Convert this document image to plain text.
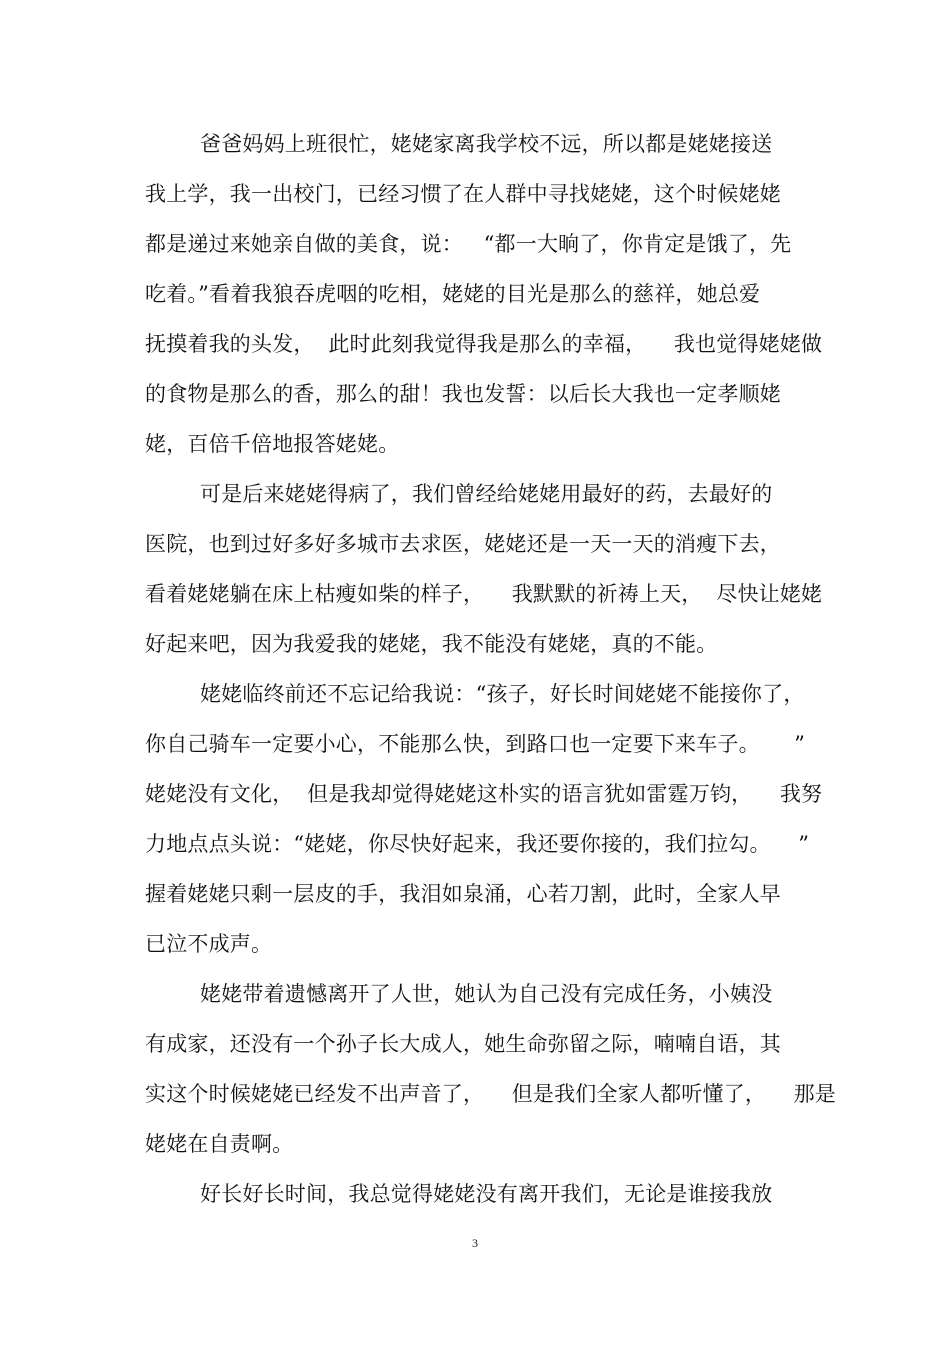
爸爸妈妈上班很忙，姥姥家离我学校不远，所以都是姥姥接送
我上学，我一出校门，已经习惯了在人群中寻找姥姥，这个时候姥姥
都是递过来她亲自做的美食，说：   “都一大晌了，你肯定是饿了，先
吃着。”看着我狼吞虎咽的吃相，姥姥的目光是那么的慈祥，她总爱
抚摸着我的头发，  此时此刻我觉得我是那么的幸福，    我也觉得姥姥做
的食物是那么的香，那么的甜！我也发誓：以后长大我也一定孝顺姥
姥，百倍千倍地报答姥姥。
可是后来姥姥得病了，我们曾经给姥姥用最好的药，去最好的
医院，也到过好多好多城市去求医，姥姥还是一天一天的消瘦下去，
看着姥姥躺在床上枯瘦如柴的样子，    我默默的祈祷上天，  尽快让姥姥
好起来吧，因为我爱我的姥姥，我不能没有姥姥，真的不能。
姥姥临终前还不忘记给我说：“孩子，好长时间姥姥不能接你了，
你自己骑车一定要小心，不能那么快，到路口也一定要下来车子。     ”
姥姥没有文化，  但是我却觉得姥姥这朴实的语言犹如雷霆万钧，    我努
力地点点头说：“姥姥，你尽快好起来，我还要你接的，我们拉勾。    ”
握着姥姥只剩一层皮的手，我泪如泉涌，心若刀割，此时，全家人早
已泣不成声。
姥姥带着遗憾离开了人世，她认为自己没有完成任务，小姨没
有成家，还没有一个孙子长大成人，她生命弥留之际，喃喃自语，其
实这个时候姥姥已经发不出声音了，    但是我们全家人都听懂了，    那是
姥姥在自责啊。
好长好长时间，我总觉得姥姥没有离开我们，无论是谁接我放
3
